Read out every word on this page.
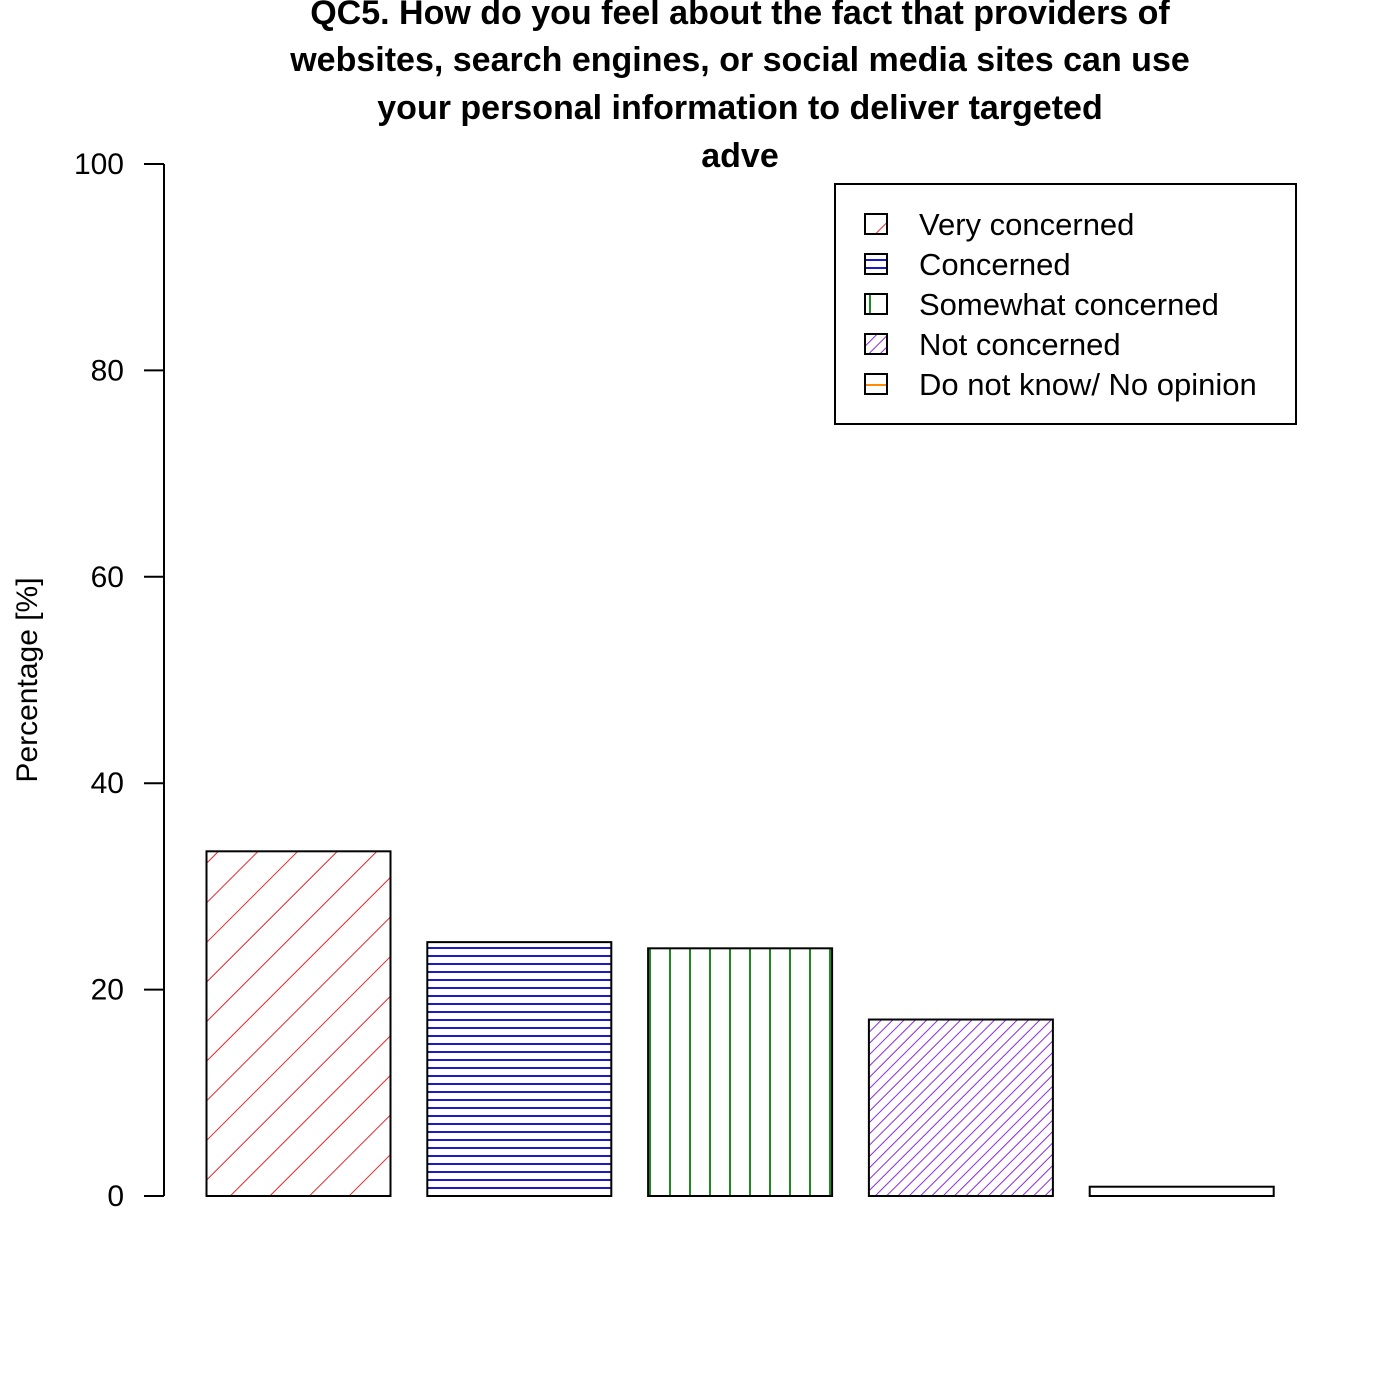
QC5. How do you feel about the fact that providers of
websites, search engines, or social media sites can use
your personal information to deliver targeted
adve
Percentage [%]
0
20
40
60
80
100
Very concerned
Concerned
Somewhat concerned
Not concerned
Do not know/ No opinion
